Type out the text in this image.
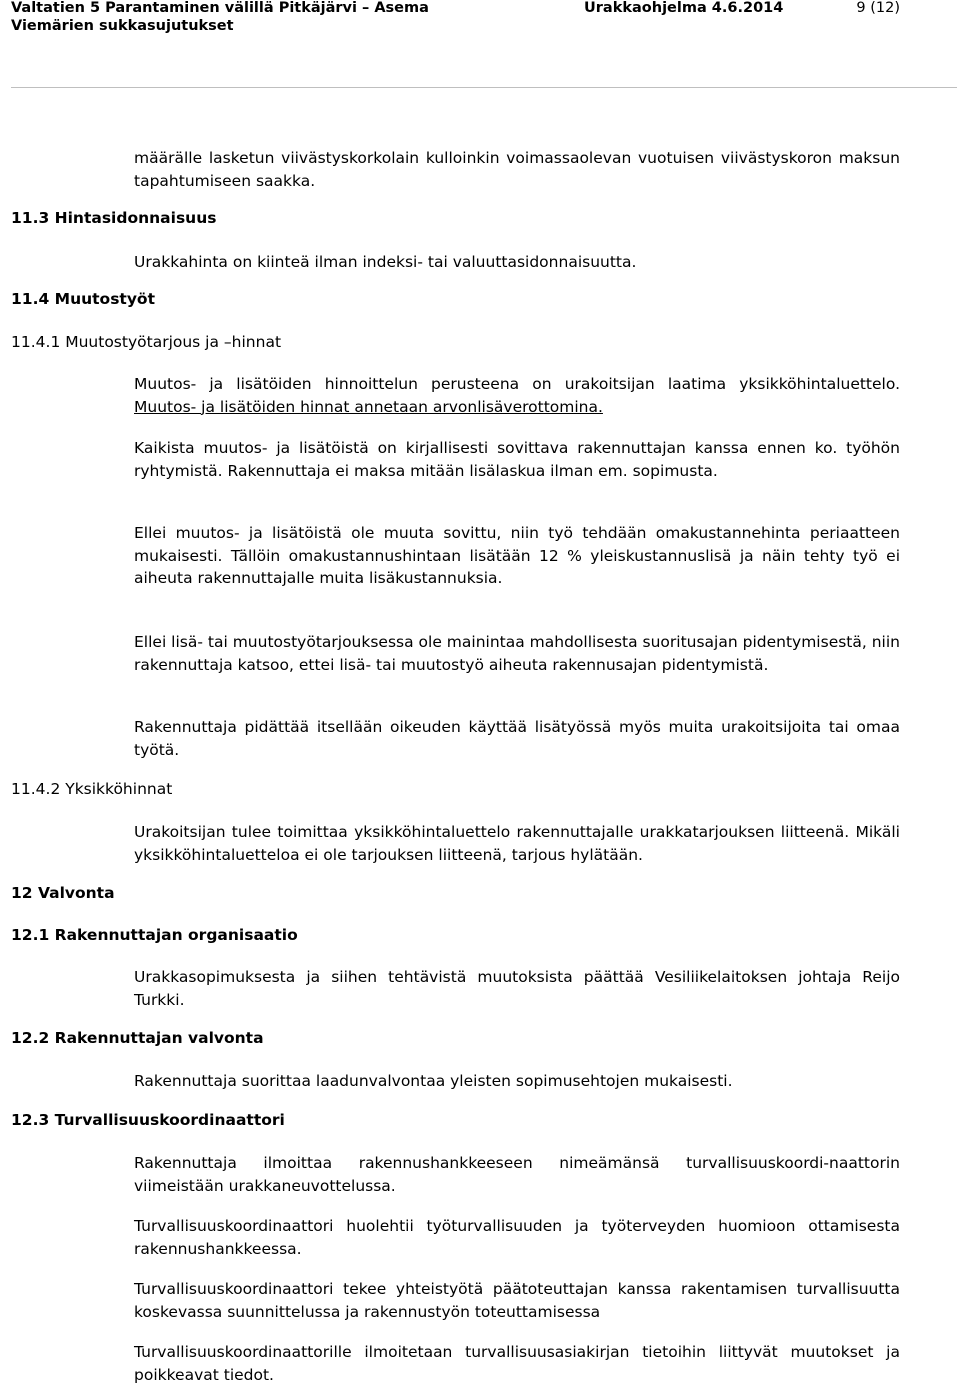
Valtatien 5 Parantaminen välillä Pitkäjärvi – Asema
Viemärien sukkasujutukset
Urakkaohjelma 4.6.2014	9 (12)

määrälle lasketun viivästyskorkolain kulloinkin voimassaolevan vuotuisen viivästyskoron maksun tapahtumiseen saakka.

11.3 Hintasidonnaisuus

Urakkahinta on kiinteä ilman indeksi- tai valuuttasidonnaisuutta.

11.4 Muutostyöt
11.4.1 Muutostyötarjous ja –hinnat

Muutos- ja lisätöiden hinnoittelun perusteena on urakoitsijan laatima yksikköhintaluettelo. Muutos- ja lisätöiden hinnat annetaan arvonlisäverottomina.

Kaikista muutos- ja lisätöistä on kirjallisesti sovittava rakennuttajan kanssa ennen ko. työhön ryhtymistä. Rakennuttaja ei maksa mitään lisälaskua ilman em. sopimusta.

Ellei muutos- ja lisätöistä ole muuta sovittu, niin työ tehdään omakustannehinta periaatteen mukaisesti. Tällöin omakustannushintaan lisätään 12 % yleiskustannuslisä ja näin tehty työ ei aiheuta rakennuttajalle muita lisäkustannuksia.

Ellei lisä- tai muutostyötarjouksessa ole mainintaa mahdollisesta suoritusajan pidentymisestä, niin rakennuttaja katsoo, ettei lisä- tai muutostyö aiheuta rakennusajan pidentymistä.

Rakennuttaja pidättää itsellään oikeuden käyttää lisätyössä myös muita urakoitsijoita tai omaa työtä.

11.4.2 Yksikköhinnat

Urakoitsijan tulee toimittaa yksikköhintaluettelo rakennuttajalle urakkatarjouksen liitteenä. Mikäli yksikköhintaluetteloa ei ole tarjouksen liitteenä, tarjous hylätään.

12 Valvonta
12.1 Rakennuttajan organisaatio

Urakkasopimuksesta ja siihen tehtävistä muutoksista päättää Vesiliikelaitoksen johtaja Reijo Turkki.

12.2 Rakennuttajan valvonta

Rakennuttaja suorittaa laadunvalvontaa yleisten sopimusehtojen mukaisesti.

12.3 Turvallisuuskoordinaattori

Rakennuttaja ilmoittaa rakennushankkeeseen nimeämänsä turvallisuuskoordi-naattorin viimeistään urakkaneuvottelussa.

Turvallisuuskoordinaattori huolehtii työturvallisuuden ja työterveyden huomioon ottamisesta rakennushankkeessa.

Turvallisuuskoordinaattori tekee yhteistyötä päätoteuttajan kanssa rakentamisen turvallisuutta koskevassa suunnittelussa ja rakennustyön toteuttamisessa

Turvallisuuskoordinaattorille ilmoitetaan turvallisuusasiakirjan tietoihin liittyvät muutokset ja poikkeavat tiedot.
